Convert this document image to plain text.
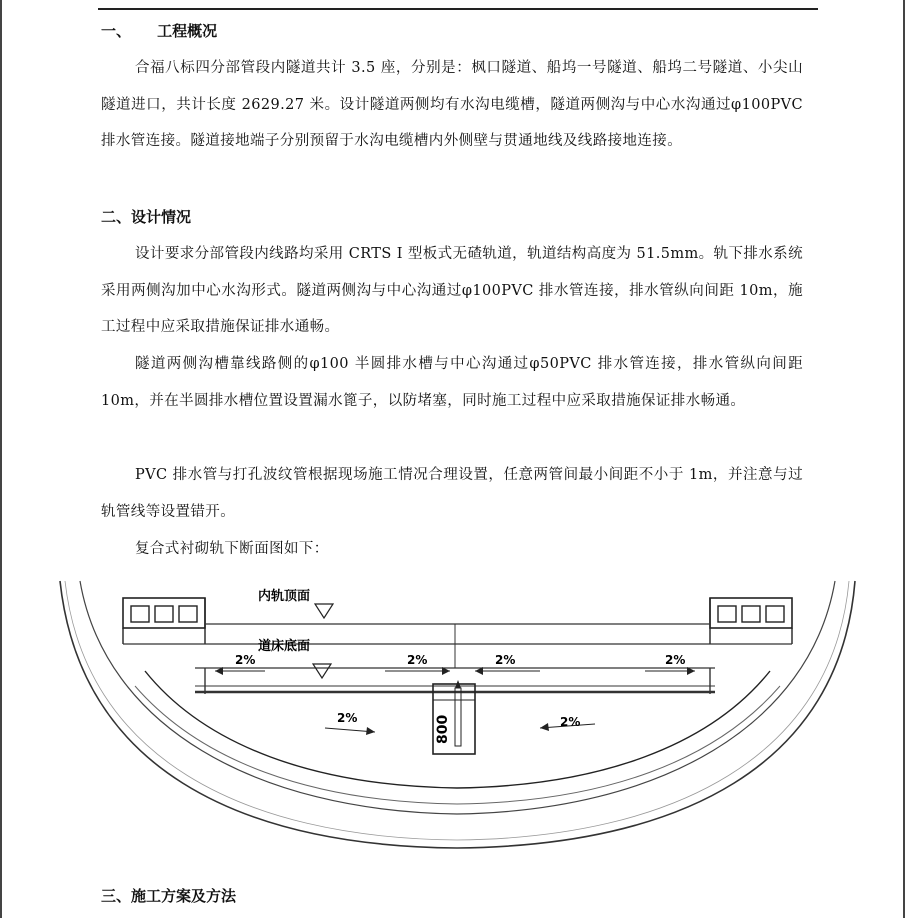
一、     工程概况
合福八标四分部管段内隧道共计 3.5 座，分别是：枫口隧道、船坞一号隧道、船坞二号隧道、小尖山隧道进口，共计长度 2629.27 米。设计隧道两侧均有水沟电缆槽，隧道两侧沟与中心水沟通过φ100PVC 排水管连接。隧道接地端子分别预留于水沟电缆槽内外侧壁与贯通地线及线路接地连接。
二、设计情况
设计要求分部管段内线路均采用 CRTS I 型板式无碴轨道，轨道结构高度为 51.5mm。轨下排水系统采用两侧沟加中心水沟形式。隧道两侧沟与中心沟通过φ100PVC 排水管连接，排水管纵向间距 10m，施工过程中应采取措施保证排水通畅。
隧道两侧沟槽靠线路侧的φ100 半圆排水槽与中心沟通过φ50PVC 排水管连接，排水管纵向间距 10m，并在半圆排水槽位置设置漏水篦子，以防堵塞，同时施工过程中应采取措施保证排水畅通。
PVC 排水管与打孔波纹管根据现场施工情况合理设置，任意两管间最小间距不小于 1m，并注意与过轨管线等设置错开。
复合式衬砌轨下断面图如下：
内轨顶面
道床底面
2%	2%	2%	2%
2%	2%
800
三、施工方案及方法
